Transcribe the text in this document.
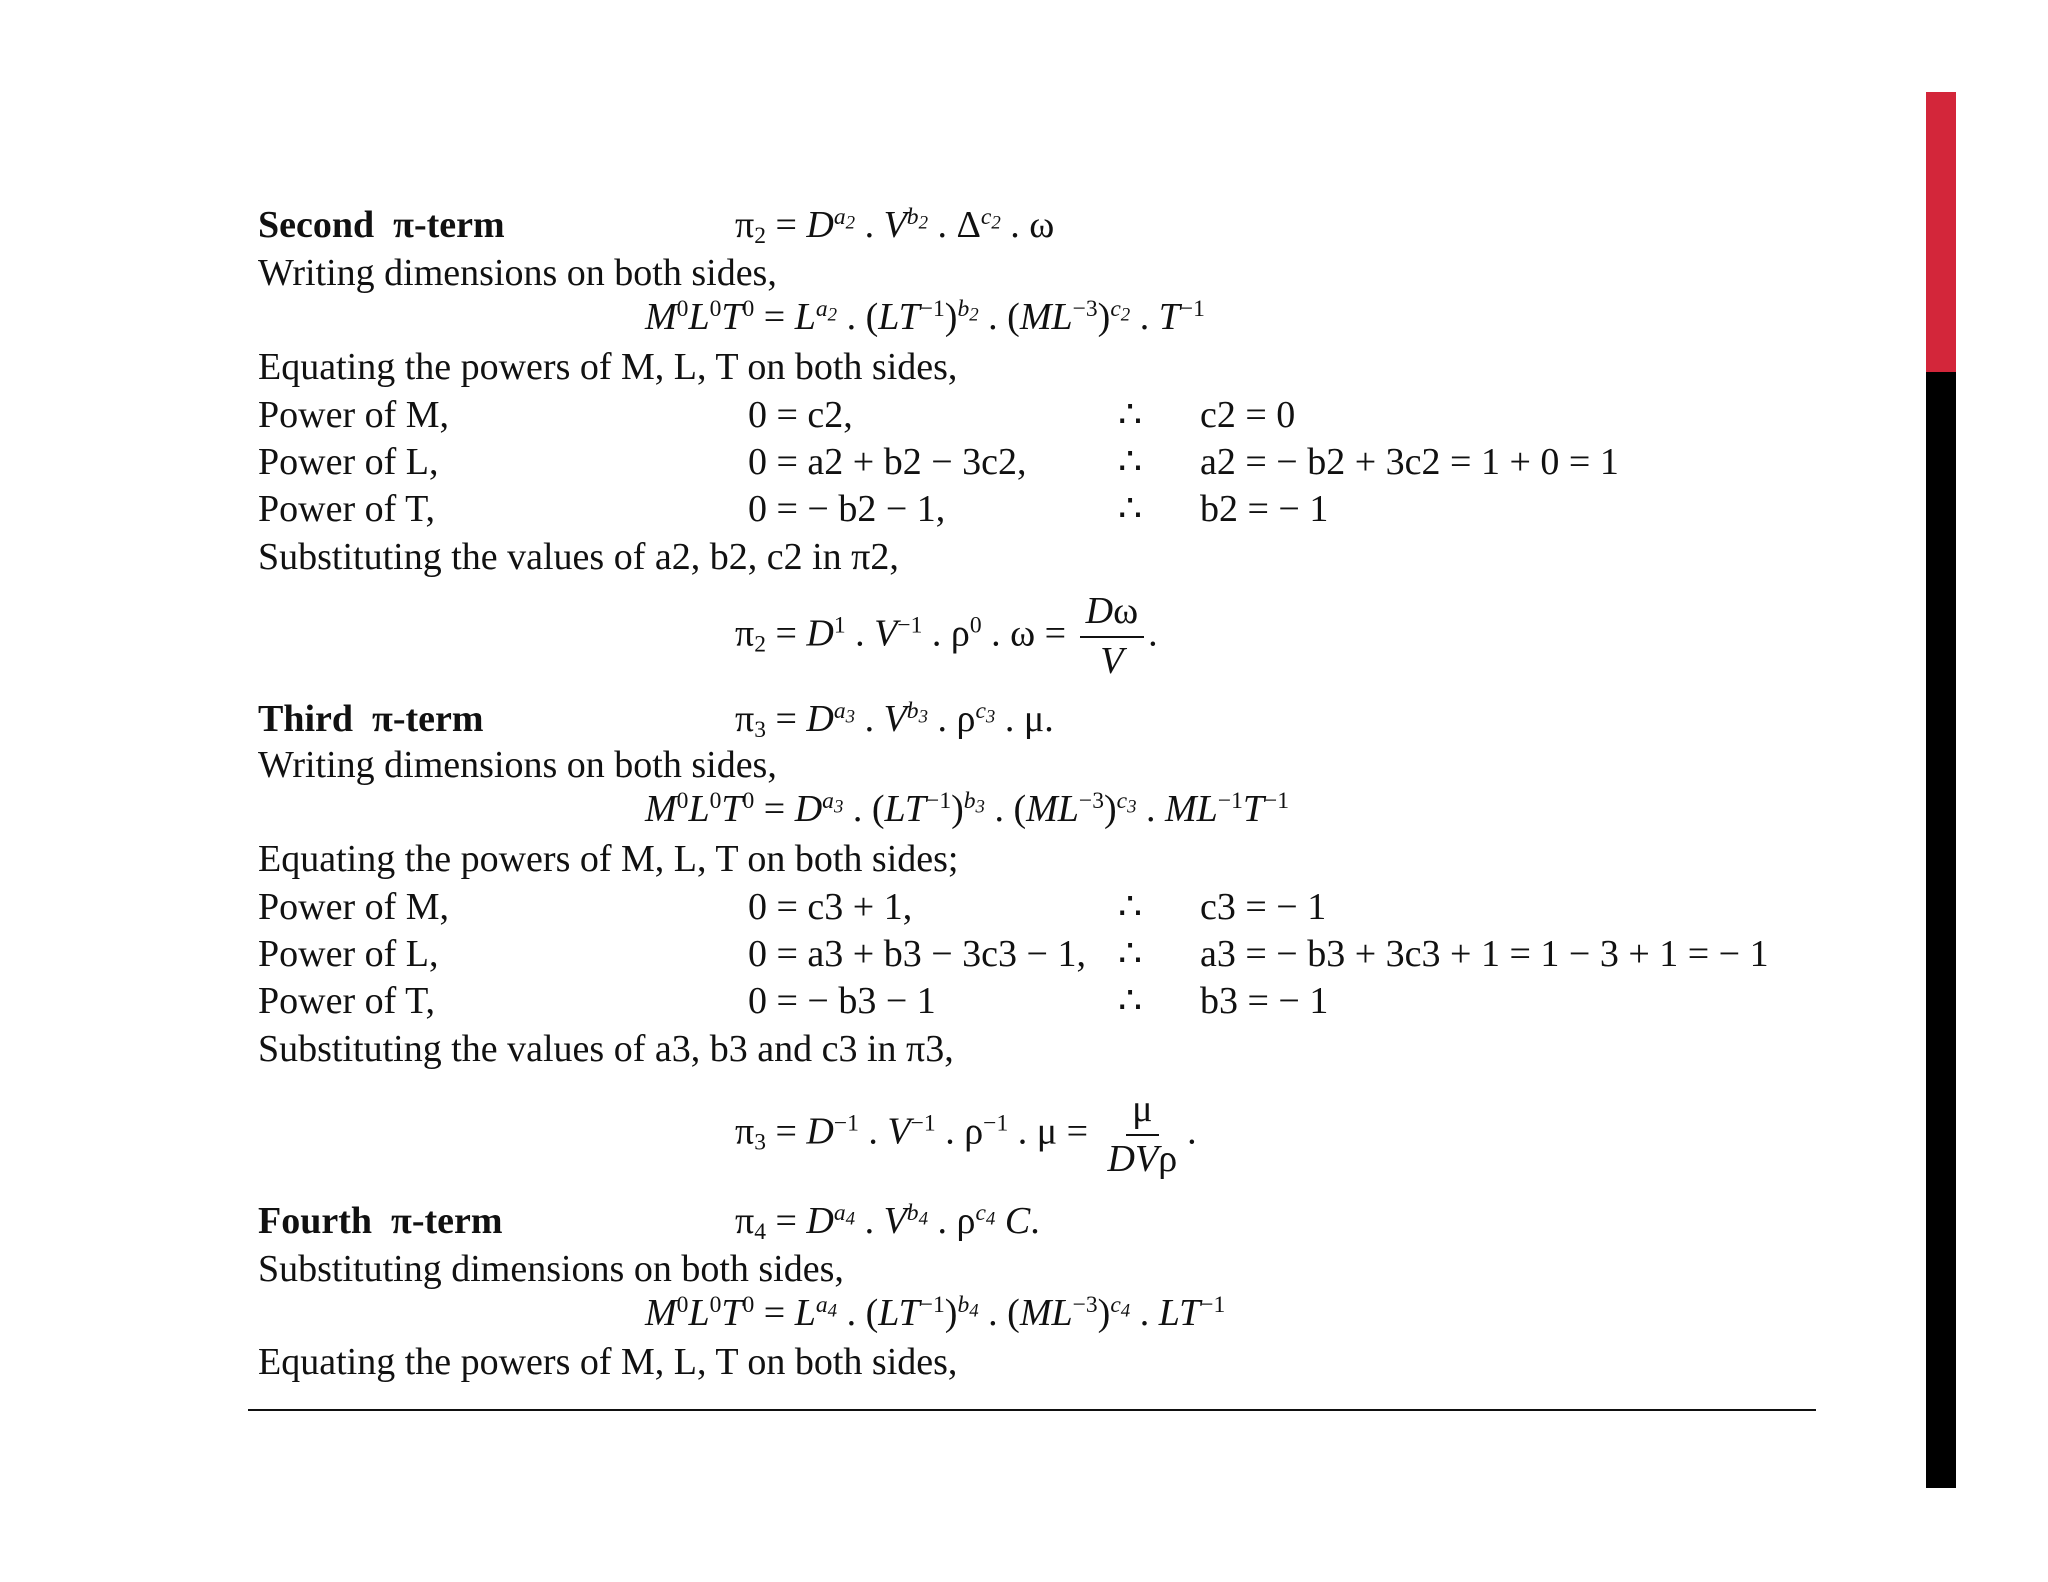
Second π-term	$\pi_2 = D^{a_2}$ . $V^{b_2}$ . $\Delta^{c_2}$ . ω
Writing dimensions on both sides,
$M^0L^0T^0 = L^{a_2}$ . $(LT^{-1})^{b_2}$ . $(ML^{-3})^{c_2}$ . $T^{-1}$
Equating the powers of M, L, T on both sides,
Power of M,	0 = c2,	∴ c2 = 0
Power of L,	0 = a2 + b2 − 3c2, ∴ a2 = − b2 + 3c2 = 1 + 0 = 1
Power of T,	0 = − b2 − 1,	∴ b2 = − 1
Substituting the values of a2, b2, c2 in π2,
$\pi_2 = D^1$ . $V^{-1}$ . $\rho^0$ . $\omega = \frac{D\omega}{V}$ .
Third π-term	$\pi_3 = D^{a_3}$ . $V^{b_3}$ . $\rho^{c_3}$ . μ.
Writing dimensions on both sides,
$M^0L^0T^0 = D^{a_3}$ . $(LT^{-1})^{b_3}$ . $(ML^{-3})^{c_3}$ . $ML^{-1}T^{-1}$
Equating the powers of M, L, T on both sides;
Power of M,	0 = c3 + 1,	∴ c3 = − 1
Power of L,	0 = a3 + b3 − 3c3 − 1, ∴ a3 = − b3 + 3c3 + 1 = 1 − 3 + 1 = − 1
Power of T,	0 = − b3 − 1	∴ b3 = − 1
Substituting the values of a3, b3 and c3 in π3,
$\pi_3 = D^{-1}$ . $V^{-1}$ . $\rho^{-1}$ . $\mu = \frac{\mu}{\text{DVρ}}$ .
Fourth π-term	$\pi_4 = D^{a_4}$ . $V^{b_4}$ . $\rho^{c_4}$ C.
Substituting dimensions on both sides,
$M^0L^0T^0 = L^{a_4}$ . $(LT^{-1})^{b_4}$ . $(ML^{-3})^{c_4}$ . $LT^{-1}$
Equating the powers of M, L, T on both sides,
